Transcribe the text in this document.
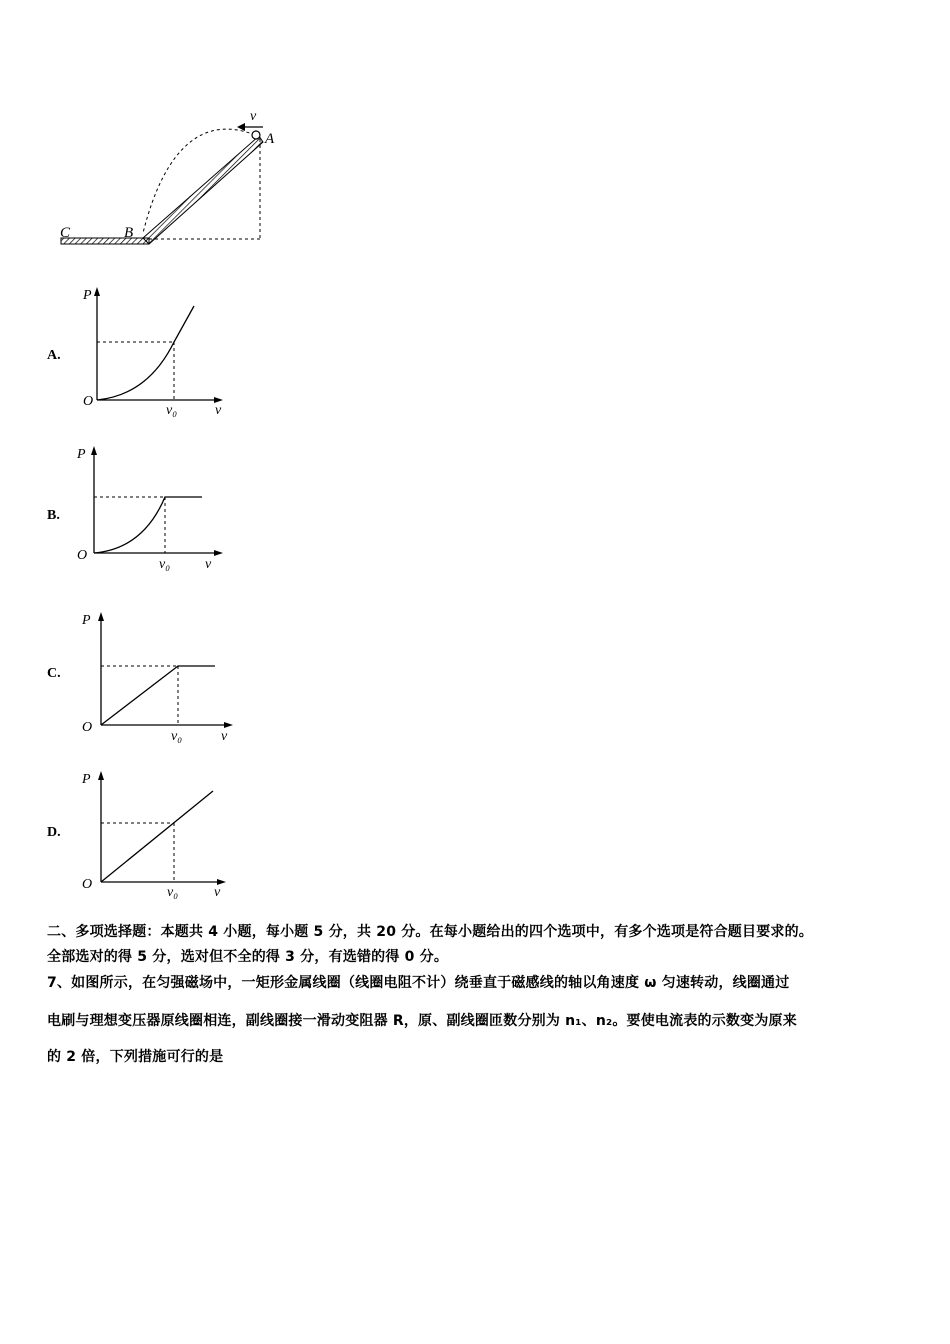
v
A
B
C
A.
P
O
v₀	v
B.
P
O
v₀ v
C.
P
O
v₀	v
D.
P
O
v₀	v
二、多项选择题：本题共 4 小题，每小题 5 分，共 20 分。在每小题给出的四个选项中，有多个选项是符合题目要求的。
全部选对的得 5 分，选对但不全的得 3 分，有选错的得 0 分。
7、如图所示，在匀强磁场中，一矩形金属线圈（线圈电阻不计）绕垂直于磁感线的轴以角速度 ω 匀速转动，线圈通过
电刷与理想变压器原线圈相连，副线圈接一滑动变阻器 R，原、副线圈匝数分别为 n₁、n₂。要使电流表的示数变为原来
的 2 倍，下列措施可行的是
